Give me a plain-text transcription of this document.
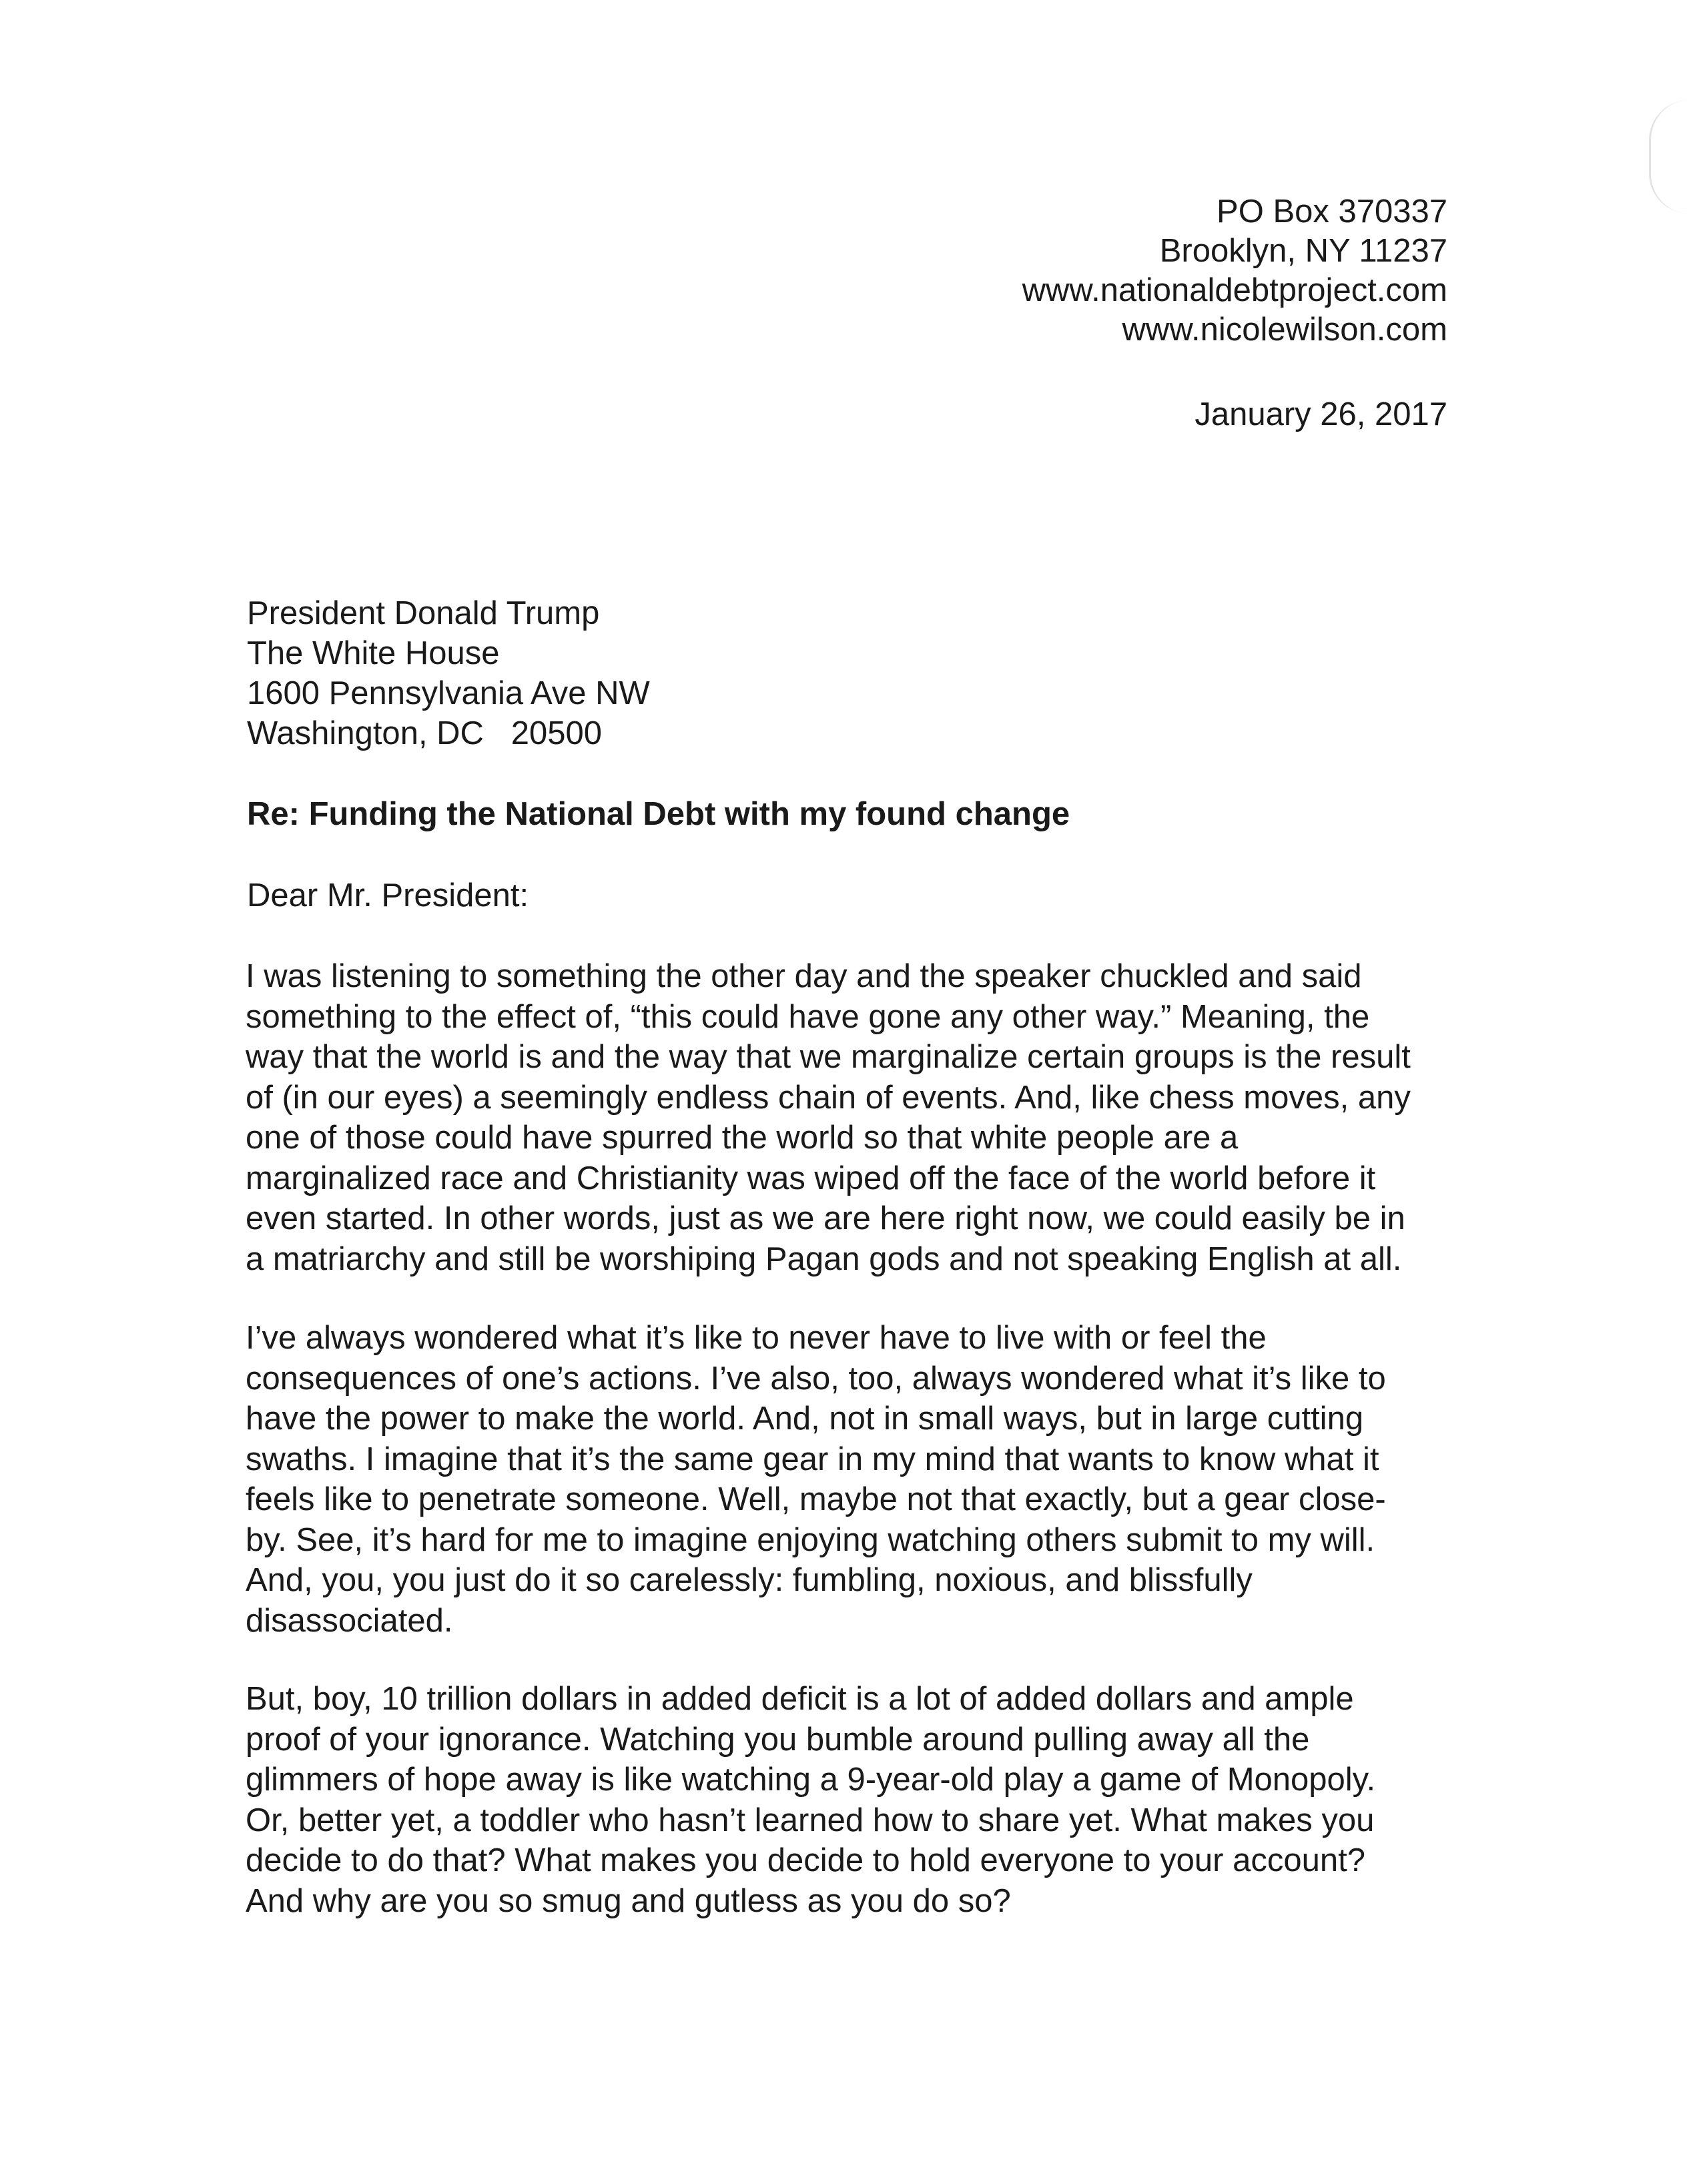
PO Box 370337
Brooklyn, NY 11237
www.nationaldebtproject.com
www.nicolewilson.com
January 26, 2017
President Donald Trump
The White House
1600 Pennsylvania Ave NW
Washington, DC   20500
Re: Funding the National Debt with my found change
Dear Mr. President:
I was listening to something the other day and the speaker chuckled and said
something to the effect of, “this could have gone any other way.” Meaning, the
way that the world is and the way that we marginalize certain groups is the result
of (in our eyes) a seemingly endless chain of events. And, like chess moves, any
one of those could have spurred the world so that white people are a
marginalized race and Christianity was wiped off the face of the world before it
even started. In other words, just as we are here right now, we could easily be in
a matriarchy and still be worshiping Pagan gods and not speaking English at all.
I’ve always wondered what it’s like to never have to live with or feel the
consequences of one’s actions. I’ve also, too, always wondered what it’s like to
have the power to make the world. And, not in small ways, but in large cutting
swaths. I imagine that it’s the same gear in my mind that wants to know what it
feels like to penetrate someone. Well, maybe not that exactly, but a gear close-
by. See, it’s hard for me to imagine enjoying watching others submit to my will.
And, you, you just do it so carelessly: fumbling, noxious, and blissfully
disassociated.
But, boy, 10 trillion dollars in added deficit is a lot of added dollars and ample
proof of your ignorance. Watching you bumble around pulling away all the
glimmers of hope away is like watching a 9-year-old play a game of Monopoly.
Or, better yet, a toddler who hasn’t learned how to share yet. What makes you
decide to do that? What makes you decide to hold everyone to your account?
And why are you so smug and gutless as you do so?
